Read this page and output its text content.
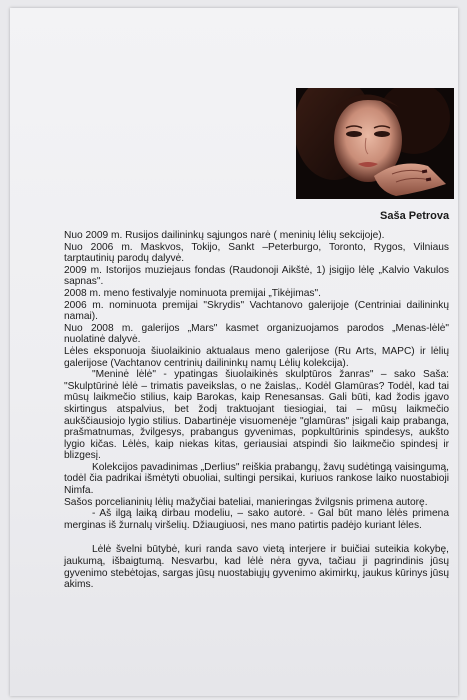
Saša Petrova

Nuo 2009 m. Rusijos dailininkų sąjungos narė ( meninių lėlių sekcijoje).

Nuo 2006 m. Maskvos, Tokijo, Sankt –Peterburgo, Toronto, Rygos, Vilniaus tarptautinių parodų dalyvė.

2009 m. Istorijos muziejaus fondas (Raudonoji Aikštė, 1) įsigijo lėlę „Kalvio Vakulos sapnas".

2008 m. meno festivalyje nominuota premijai „Tikėjimas".

2006 m. nominuota premijai "Skrydis" Vachtanovo galerijoje (Centriniai dailininkų namai).

Nuo 2008 m. galerijos „Mars" kasmet organizuojamos parodos „Menas-lėlė" nuolatinė dalyvė.

Lėles eksponuoja šiuolaikinio aktualaus meno galerijose (Ru Arts, MAPC) ir lėlių galerijose (Vachtanov centrinių dailininkų namų Lėlių kolekcija).

"Meninė lėlė" - ypatingas šiuolaikinės skulptūros žanras" – sako Saša: "Skulptūrinė lėlė – trimatis paveikslas, o ne žaislas,. Kodėl Glamūras? Todėl, kad tai mūsų laikmečio stilius, kaip Barokas, kaip Renesansas. Gali būti, kad žodis jgavo skirtingus atspalvius, bet žodį traktuojant tiesiogiai, tai – mūsų laikmečio aukščiausiojo lygio stilius. Dabartinėje visuomenėje "glamūras" įsigali kaip prabanga, prašmatnumas, žvilgesys, prabangus gyvenimas, popkultūrinis spindesys, aukšto lygio kičas. Lėlės, kaip niekas kitas, geriausiai atspindi šio laikmečio spindesį ir blizgesį.

Kolekcijos pavadinimas „Derlius" reiškia prabangų, žavų sudėtingą vaisingumą, todėl čia padrikai išmėtyti obuoliai, sultingi persikai, kuriuos rankose laiko nuostabioji Nimfa.

Sašos porcelianinių lėlių mažyčiai bateliai, manieringas žvilgsnis primena autorę.

- Aš ilgą laiką dirbau modeliu, – sako autorė. - Gal būt mano lėlės primena merginas iš žurnalų viršelių. Džiaugiuosi, nes mano patirtis padėjo kuriant lėles.

Lėlė švelni būtybė, kuri randa savo vietą interjere ir buičiai suteikia kokybę, jaukumą, išbaigtumą. Nesvarbu, kad lėlė nėra gyva, tačiau ji pagrindinis jūsų gyvenimo stebėtojas, sargas jūsų nuostabiųjų gyvenimo akimirkų, jaukus kūrinys jūsų akims.
